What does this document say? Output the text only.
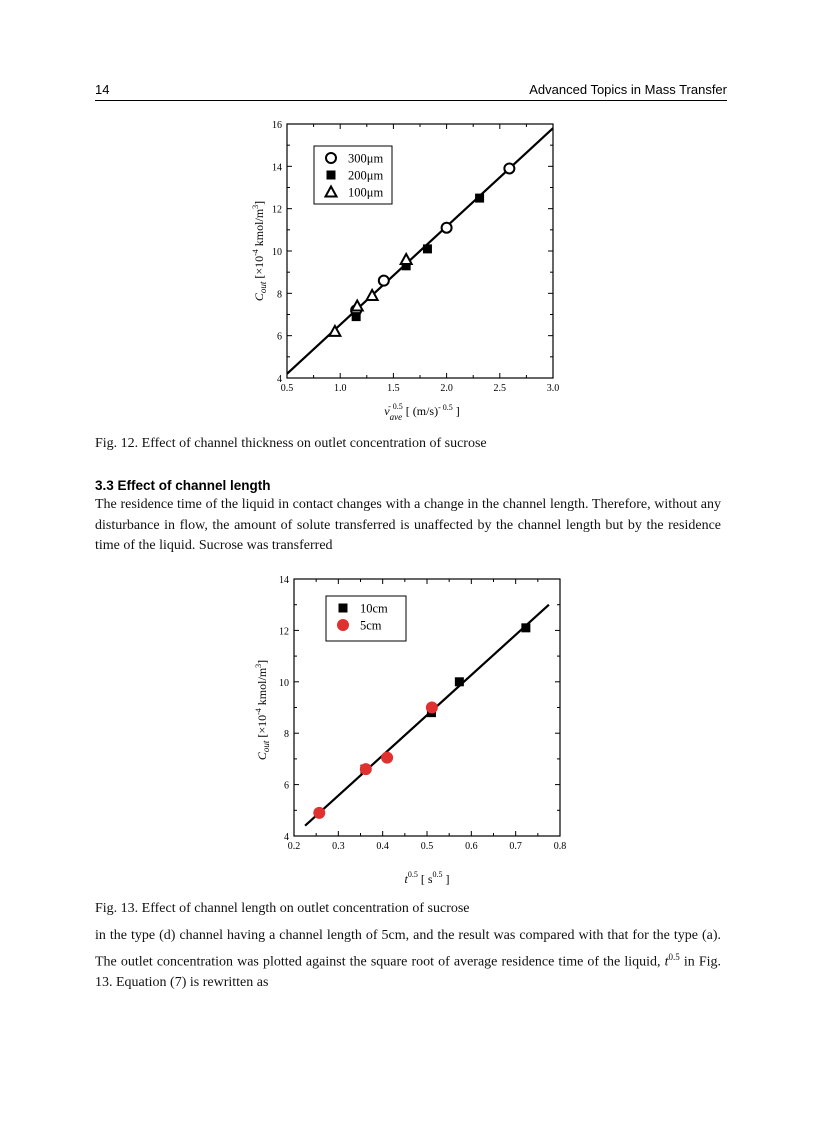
14	Advanced Topics in Mass Transfer
0.5	1.0	1.5	2.0	2.5	3.0
4
6
8
10
12
14
16
300μm
200μm
100μm
$C_{out}$ [$\times 10^{-4}$ kmol/$m^3$]
$v_{ave}-$ 0.5 [ $(m/s)^{- 0.5}$ ]
Fig. 12. Effect of channel thickness on outlet concentration of sucrose
3.3 Effect of channel length

The residence time of the liquid in contact changes with a change in the channel length. Therefore, without any disturbance in flow, the amount of solute transferred is unaffected by the channel length but by the residence time of the liquid. Sucrose was transferred

0.2	0.3	0.4	0.5	0.6	0.7	0.8
4
6
8
10
12
14
10cm
5cm
$C_{out}$ [$\times 10^{-4}$ kmol/$m^3$]
$t^{0.5}$ [ $s^{0.5}$ ]
Fig. 13. Effect of channel length on outlet concentration of sucrose

in the type (d) channel having a channel length of 5cm, and the result was compared with that for the type (a). The outlet concentration was plotted against the square root of average residence time of the liquid, $t^{0.5}$ in Fig. 13. Equation (7) is rewritten as
